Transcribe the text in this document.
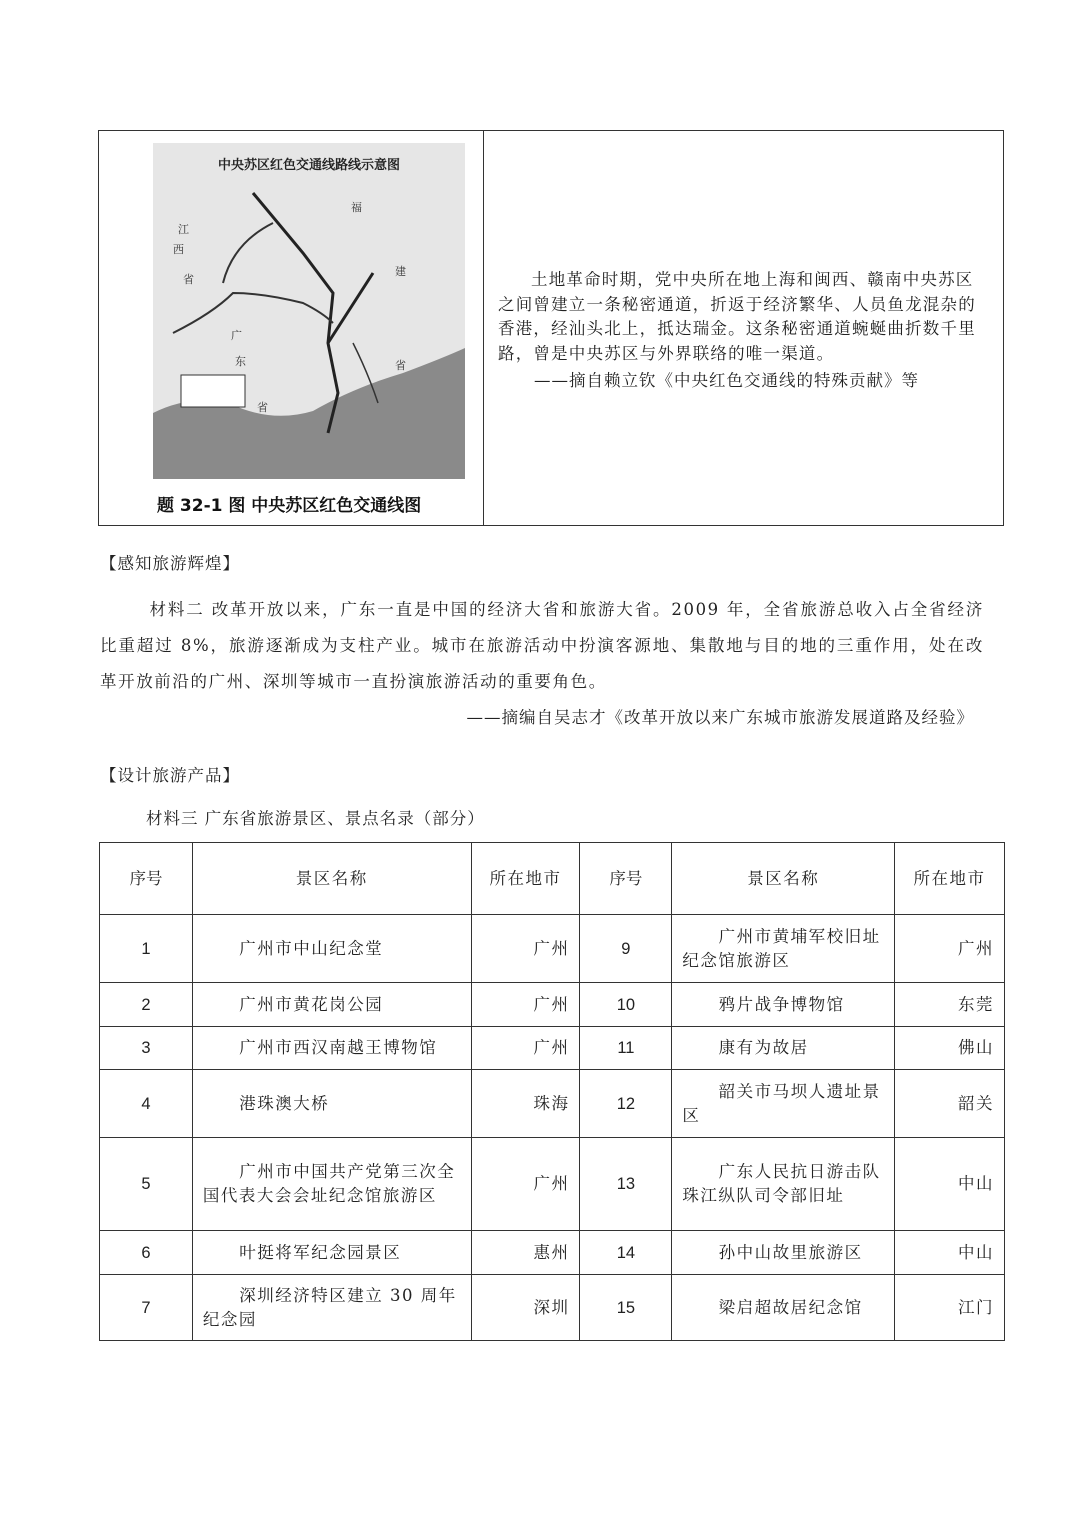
中央苏区红色交通线路线示意图
江
西
省
福
建
省
广
东
省
题 32-1 图 中央苏区红色交通线图
土地革命时期，党中央所在地上海和闽西、赣南中央苏区之间曾建立一条秘密通道，折返于经济繁华、人员鱼龙混杂的香港，经汕头北上，抵达瑞金。这条秘密通道蜿蜒曲折数千里路，曾是中央苏区与外界联络的唯一渠道。
——摘自赖立钦《中央红色交通线的特殊贡献》等
【感知旅游辉煌】
材料二 改革开放以来，广东一直是中国的经济大省和旅游大省。2009 年，全省旅游总收入占全省经济比重超过 8%，旅游逐渐成为支柱产业。城市在旅游活动中扮演客源地、集散地与目的地的三重作用，处在改革开放前沿的广州、深圳等城市一直扮演旅游活动的重要角色。
——摘编自吴志才《改革开放以来广东城市旅游发展道路及经验》
【设计旅游产品】
材料三 广东省旅游景区、景点名录（部分）
序号	景区名称	所在地市	序号	景区名称	所在地市
1	广州市中山纪念堂	广州	9	广州市黄埔军校旧址纪念馆旅游区	广州
2	广州市黄花岗公园	广州	10	鸦片战争博物馆	东莞
3	广州市西汉南越王博物馆	广州	11	康有为故居	佛山
4	港珠澳大桥	珠海	12	韶关市马坝人遗址景区	韶关
5	广州市中国共产党第三次全国代表大会会址纪念馆旅游区	广州	13	广东人民抗日游击队珠江纵队司令部旧址	中山
6	叶挺将军纪念园景区	惠州	14	孙中山故里旅游区	中山
7	深圳经济特区建立 30 周年纪念园	深圳	15	梁启超故居纪念馆	江门
